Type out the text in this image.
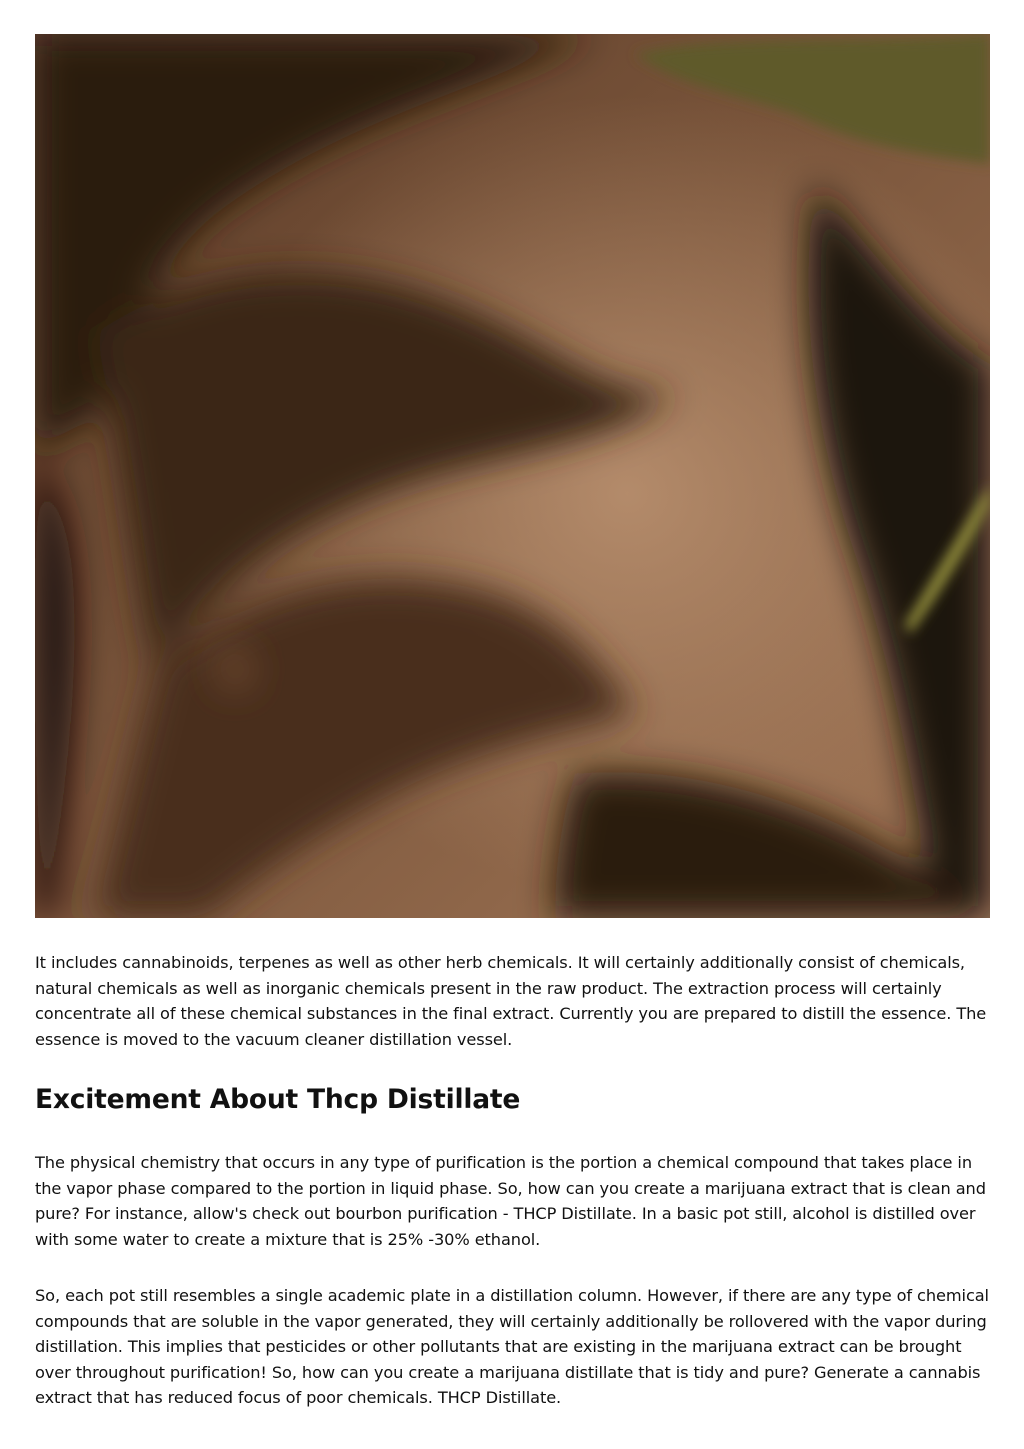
It includes cannabinoids, terpenes as well as other herb chemicals. It will certainly additionally consist of chemicals, natural chemicals as well as inorganic chemicals present in the raw product. The extraction process will certainly concentrate all of these chemical substances in the final extract. Currently you are prepared to distill the essence. The essence is moved to the vacuum cleaner distillation vessel.

Excitement About Thcp Distillate

The physical chemistry that occurs in any type of purification is the portion a chemical compound that takes place in the vapor phase compared to the portion in liquid phase. So, how can you create a marijuana extract that is clean and pure? For instance, allow's check out bourbon purification - THCP Distillate. In a basic pot still, alcohol is distilled over with some water to create a mixture that is 25% -30% ethanol.

So, each pot still resembles a single academic plate in a distillation column. However, if there are any type of chemical compounds that are soluble in the vapor generated, they will certainly additionally be rollovered with the vapor during distillation. This implies that pesticides or other pollutants that are existing in the marijuana extract can be brought over throughout purification! So, how can you create a marijuana distillate that is tidy and pure? Generate a cannabis extract that has reduced focus of poor chemicals. THCP Distillate.
